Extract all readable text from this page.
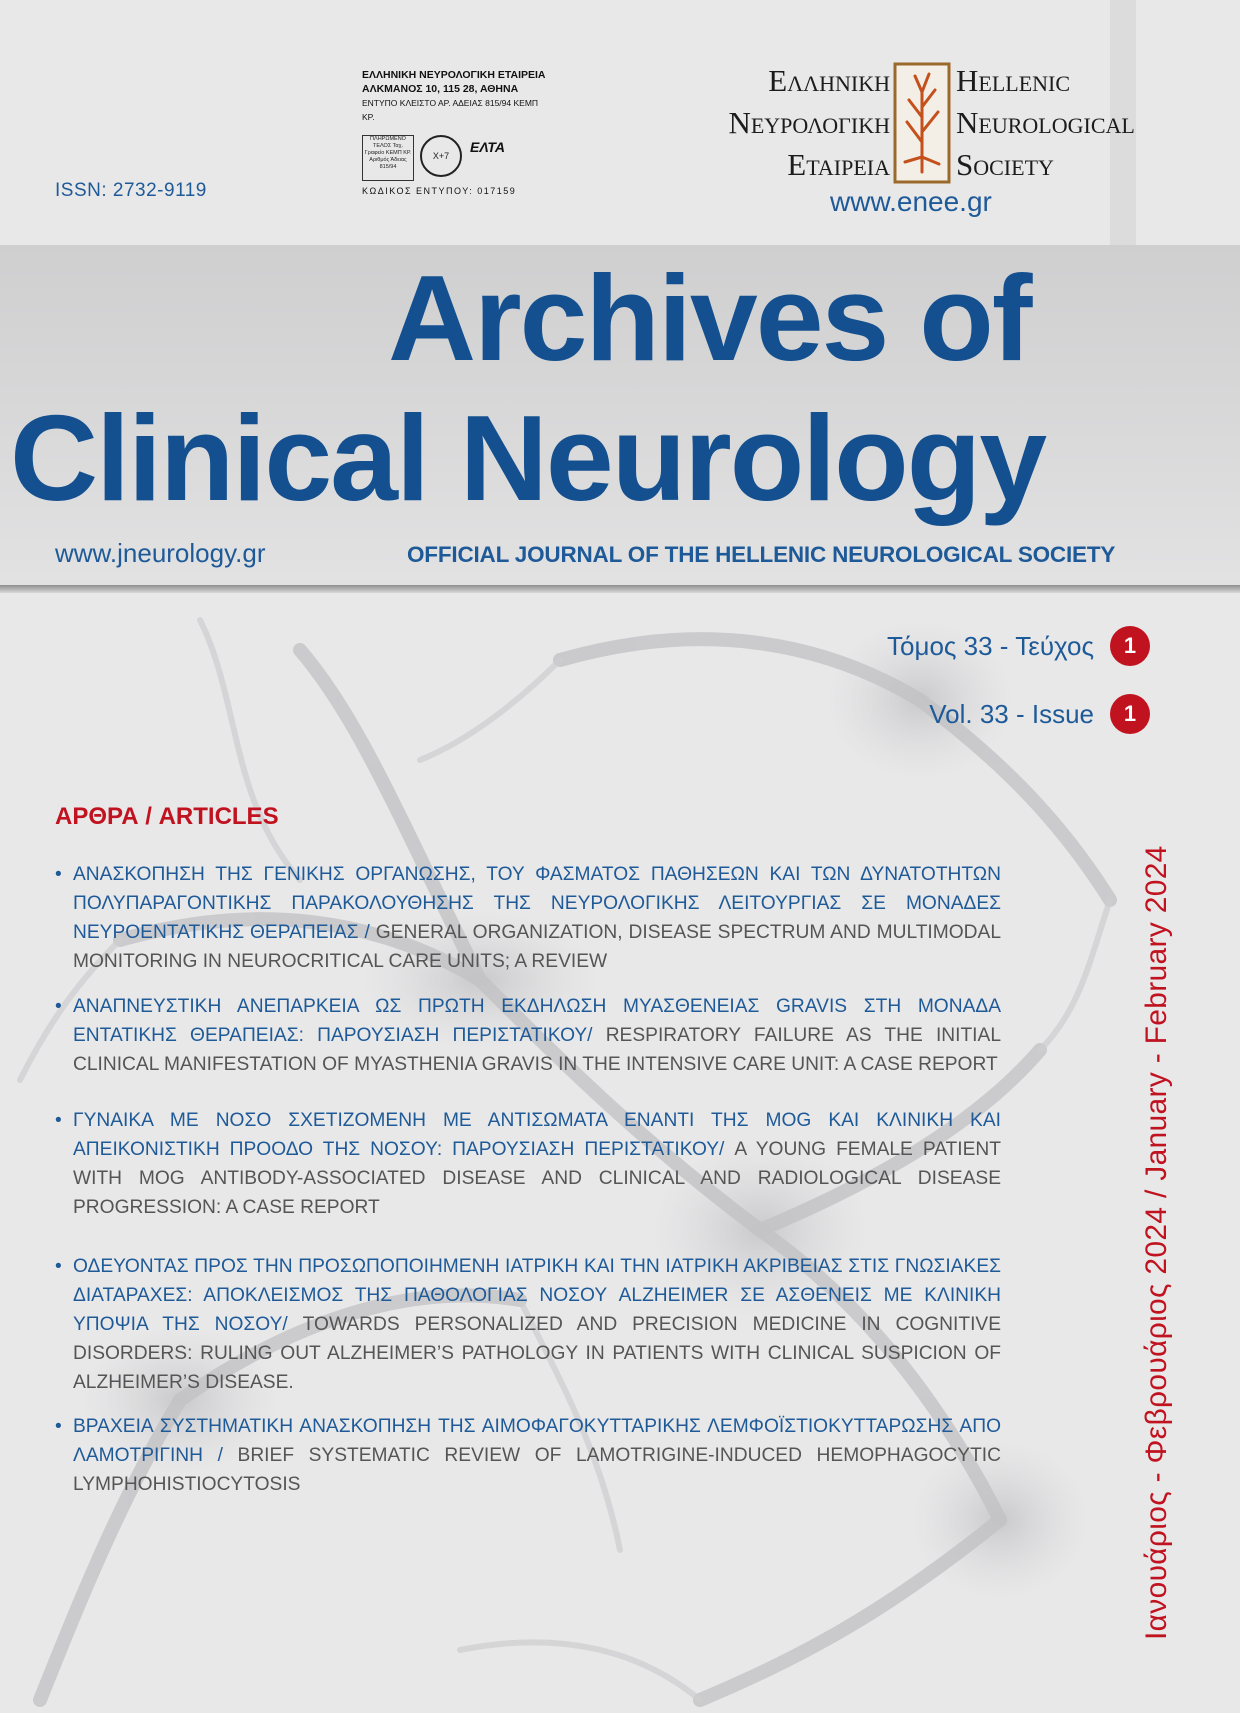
ISSN: 2732-9119
ΕΛΛΗΝΙΚΗ ΝΕΥΡΟΛΟΓΙΚΗ ΕΤΑΙΡΕΙΑ
ΑΛΚΜΑΝΟΣ 10, 115 28, ΑΘΗΝΑ
ΕΝΤΥΠΟ ΚΛΕΙΣΤΟ ΑΡ. ΑΔΕΙΑΣ 815/94 ΚΕΜΠ ΚΡ.
ΠΛΗΡΩΜΕΝΟ ΤΕΛΟΣ Ταχ. Γραφείο ΚΕΜΠ ΚΡ. Αριθμός Άδειας 815/94
X+7
ΕΛΤΑ
ΚΩΔΙΚΟΣ ΕΝΤΥΠΟΥ: 017159
Ελληνικη
Νευρολογικη
Εταιρεια
Hellenic
Neurological
Society
www.enee.gr
Archives of
Clinical Neurology
www.jneurology.gr	OFFICIAL JOURNAL OF THE HELLENIC NEUROLOGICAL SOCIETY
Τόμος 33 - Τεύχος	1
Vol. 33 - Issue	1
ΑΡΘΡΑ / ARTICLES
• ΑΝΑΣΚΟΠΗΣΗ ΤΗΣ ΓΕΝΙΚΗΣ ΟΡΓΑΝΩΣΗΣ, ΤΟΥ ΦΑΣΜΑΤΟΣ ΠΑΘΗΣΕΩΝ ΚΑΙ ΤΩΝ ΔΥΝΑΤΟΤΗΤΩΝ ΠΟΛΥΠΑΡΑΓΟΝΤΙΚΗΣ ΠΑΡΑΚΟΛΟΥΘΗΣΗΣ ΤΗΣ ΝΕΥΡΟΛΟΓΙΚΗΣ ΛΕΙΤΟΥΡΓΙΑΣ ΣΕ ΜΟΝΑΔΕΣ ΝΕΥΡΟΕΝΤΑΤΙΚΗΣ ΘΕΡΑΠΕΙΑΣ / GENERAL ORGANIZATION, DISEASE SPECTRUM AND MULTIMODAL MONITORING IN NEUROCRITICAL CARE UNITS; A REVIEW
• ΑΝΑΠΝΕΥΣΤΙΚΗ ΑΝΕΠΑΡΚΕΙΑ ΩΣ ΠΡΩΤΗ ΕΚΔΗΛΩΣΗ ΜΥΑΣΘΕΝΕΙΑΣ GRAVIS ΣΤΗ ΜΟΝΑΔΑ ΕΝΤΑΤΙΚΗΣ ΘΕΡΑΠΕΙΑΣ: ΠΑΡΟΥΣΙΑΣΗ ΠΕΡΙΣΤΑΤΙΚΟΥ/ RESPIRATORY FAILURE AS THE INITIAL CLINICAL MANIFESTATION OF MYASTHENIA GRAVIS IN THE INTENSIVE CARE UNIT: A CASE REPORT
• ΓΥΝΑΙΚΑ ΜΕ ΝΟΣΟ ΣΧΕΤΙΖΟΜΕΝΗ ΜΕ ΑΝΤΙΣΩΜΑΤΑ ΕΝΑΝΤΙ ΤΗΣ MOG ΚΑΙ ΚΛΙΝΙΚΗ ΚΑΙ ΑΠΕΙΚΟΝΙΣΤΙΚΗ ΠΡΟΟΔΟ ΤΗΣ ΝΟΣΟΥ: ΠΑΡΟΥΣΙΑΣΗ ΠΕΡΙΣΤΑΤΙΚΟΥ/ A YOUNG FEMALE PATIENT WITH MOG ANTIBODY-ASSOCIATED DISEASE AND CLINICAL AND RADIOLOGICAL DISEASE PROGRESSION: A CASE REPORT
• ΟΔΕΥΟΝΤΑΣ ΠΡΟΣ ΤΗΝ ΠΡΟΣΩΠΟΠΟΙΗΜΕΝΗ ΙΑΤΡΙΚΗ ΚΑΙ ΤΗΝ ΙΑΤΡΙΚΗ ΑΚΡΙΒΕΙΑΣ ΣΤΙΣ ΓΝΩΣΙΑΚΕΣ ΔΙΑΤΑΡΑΧΕΣ: ΑΠΟΚΛΕΙΣΜΟΣ ΤΗΣ ΠΑΘΟΛΟΓΙΑΣ ΝΟΣΟΥ ALZHEIMER ΣΕ ΑΣΘΕΝΕΙΣ ΜΕ ΚΛΙΝΙΚΗ ΥΠΟΨΙΑ ΤΗΣ ΝΟΣΟΥ/ TOWARDS PERSONALIZED AND PRECISION MEDICINE IN COGNITIVE DISORDERS: RULING OUT ALZHEIMER’S PATHOLOGY IN PATIENTS WITH CLINICAL SUSPICION OF ALZHEIMER’S DISEASE.
• ΒΡΑΧΕΙΑ ΣΥΣΤΗΜΑΤΙΚΗ ΑΝΑΣΚΟΠΗΣΗ ΤΗΣ ΑΙΜΟΦΑΓΟΚΥΤΤΑΡΙΚΗΣ ΛΕΜΦΟΪΣΤΙΟΚΥΤΤΑΡΩΣΗΣ ΑΠΟ ΛΑΜΟΤΡΙΓΙΝΗ / BRIEF SYSTEMATIC REVIEW OF LAMOTRIGINE-INDUCED HEMOPHAGOCYTIC LYMPHOHISTIOCYTOSIS	Ιανουάριος - Φεβρουάριος 2024 / January - February 2024
